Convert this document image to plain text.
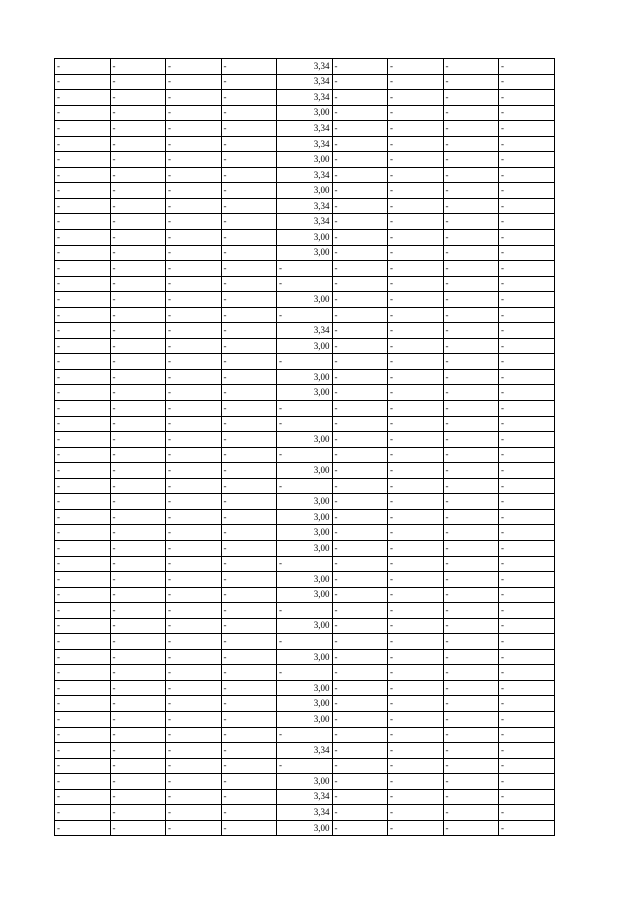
-	-	-	-	3,34	-	-	-	-
-	-	-	-	3,34	-	-	-	-
-	-	-	-	3,34	-	-	-	-
-	-	-	-	3,00	-	-	-	-
-	-	-	-	3,34	-	-	-	-
-	-	-	-	3,34	-	-	-	-
-	-	-	-	3,00	-	-	-	-
-	-	-	-	3,34	-	-	-	-
-	-	-	-	3,00	-	-	-	-
-	-	-	-	3,34	-	-	-	-
-	-	-	-	3,34	-	-	-	-
-	-	-	-	3,00	-	-	-	-
-	-	-	-	3,00	-	-	-	-
-	-	-	-	-	-	-	-	-
-	-	-	-	-	-	-	-	-
-	-	-	-	3,00	-	-	-	-
-	-	-	-	-	-	-	-	-
-	-	-	-	3,34	-	-	-	-
-	-	-	-	3,00	-	-	-	-
-	-	-	-	-	-	-	-	-
-	-	-	-	3,00	-	-	-	-
-	-	-	-	3,00	-	-	-	-
-	-	-	-	-	-	-	-	-
-	-	-	-	-	-	-	-	-
-	-	-	-	3,00	-	-	-	-
-	-	-	-	-	-	-	-	-
-	-	-	-	3,00	-	-	-	-
-	-	-	-	-	-	-	-	-
-	-	-	-	3,00	-	-	-	-
-	-	-	-	3,00	-	-	-	-
-	-	-	-	3,00	-	-	-	-
-	-	-	-	3,00	-	-	-	-
-	-	-	-	-	-	-	-	-
-	-	-	-	3,00	-	-	-	-
-	-	-	-	3,00	-	-	-	-
-	-	-	-	-	-	-	-	-
-	-	-	-	3,00	-	-	-	-
-	-	-	-	-	-	-	-	-
-	-	-	-	3,00	-	-	-	-
-	-	-	-	-	-	-	-	-
-	-	-	-	3,00	-	-	-	-
-	-	-	-	3,00	-	-	-	-
-	-	-	-	3,00	-	-	-	-
-	-	-	-	-	-	-	-	-
-	-	-	-	3,34	-	-	-	-
-	-	-	-	-	-	-	-	-
-	-	-	-	3,00	-	-	-	-
-	-	-	-	3,34	-	-	-	-
-	-	-	-	3,34	-	-	-	-
-	-	-	-	3,00	-	-	-	-
